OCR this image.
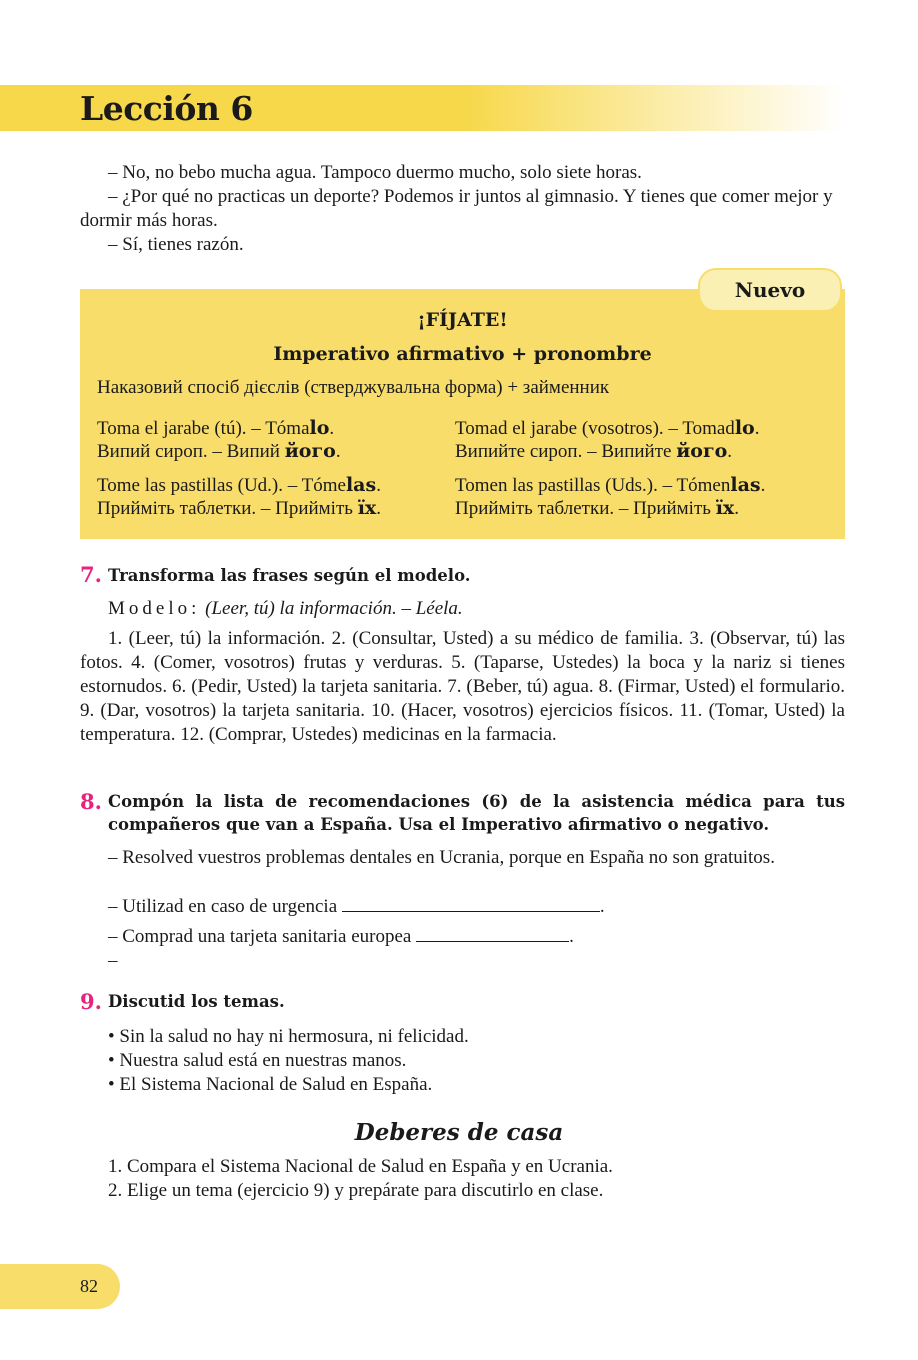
Lección 6

– No, no bebo mucha agua. Tampoco duermo mucho, solo siete horas.

– ¿Por qué no practicas un deporte? Podemos ir juntos al gimnasio. Y tienes que comer mejor y dormir más horas.

– Sí, tienes razón.

¡FÍJATE!
Imperativo afirmativo + pronombre
Наказовий спосіб дієслів (стверджувальна форма) + займенник
Toma el jarabe (tú). – Tómalo.
Випий сироп. – Випий його.
Tomad el jarabe (vosotros). – Tomadlo.
Випийте сироп. – Випийте його.
Tome las pastillas (Ud.). – Tómelas.
Прийміть таблетки. – Прийміть їх.
Tomen las pastillas (Uds.). – Tómenlas.
Прийміть таблетки. – Прийміть їх.
Nuevo
7. Transforma las frases según el modelo.

Modelo: (Leer, tú) la información. – Léela.

1. (Leer, tú) la información. 2. (Consultar, Usted) a su médico de familia. 3. (Observar, tú) las fotos. 4. (Comer, vosotros) frutas y verduras. 5. (Taparse, Ustedes) la boca y la nariz si tienes estornudos. 6. (Pedir, Usted) la tarjeta sanitaria. 7. (Beber, tú) agua. 8. (Firmar, Usted) el formulario. 9. (Dar, vosotros) la tarjeta sanitaria. 10. (Hacer, vosotros) ejercicios físicos. 11. (Tomar, Usted) la temperatura. 12. (Comprar, Ustedes) medicinas en la farmacia.

8. Compón la lista de recomendaciones (6) de la asistencia médica para tus compañeros que van a España. Usa el Imperativo afirmativo o negativo.

– Resolved vuestros problemas dentales en Ucrania, porque en España no son gratuitos.

– Utilizad en caso de urgencia	.

– Comprad una tarjeta sanitaria europea	.

–

9. Discutid los temas.

• Sin la salud no hay ni hermosura, ni felicidad.
• Nuestra salud está en nuestras manos.
• El Sistema Nacional de Salud en España.
Deberes de casa

1. Compara el Sistema Nacional de Salud en España y en Ucrania.

2. Elige un tema (ejercicio 9) y prepárate para discutirlo en clase.

82
